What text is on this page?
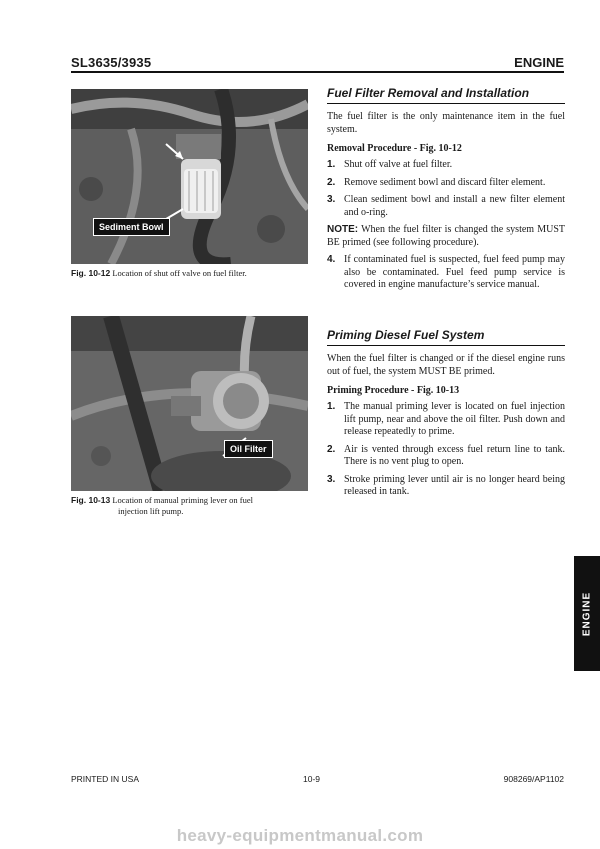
SL3635/3935	ENGINE
Sediment Bowl
Fig. 10-12 Location of shut off valve on fuel filter.
Oil Filter
Fig. 10-13 Location of manual priming lever on fuel
injection lift pump.
Fuel Filter Removal and Installation

The fuel filter is the only maintenance item in the fuel system.

Removal Procedure - Fig. 10-12
1. Shut off valve at fuel filter.
2. Remove sediment bowl and discard filter element.
3. Clean sediment bowl and install a new filter element and o-ring.
NOTE: When the fuel filter is changed the system MUST BE primed (see following procedure).
4. If contaminated fuel is suspected, fuel feed pump may also be contaminated. Fuel feed pump service is covered in engine manufacture’s service manual.
Priming Diesel Fuel System

When the fuel filter is changed or if the diesel engine runs out of fuel, the system MUST BE primed.

Priming Procedure - Fig. 10-13
1. The manual priming lever is located on fuel injection lift pump, near and above the oil filter. Push down and release repeatedly to prime.
2. Air is vented through excess fuel return line to tank. There is no vent plug to open.
3. Stroke priming lever until air is no longer heard being released in tank.
ENGINE
PRINTED IN USA	10-9	908269/AP1102
heavy-equipmentmanual.com
